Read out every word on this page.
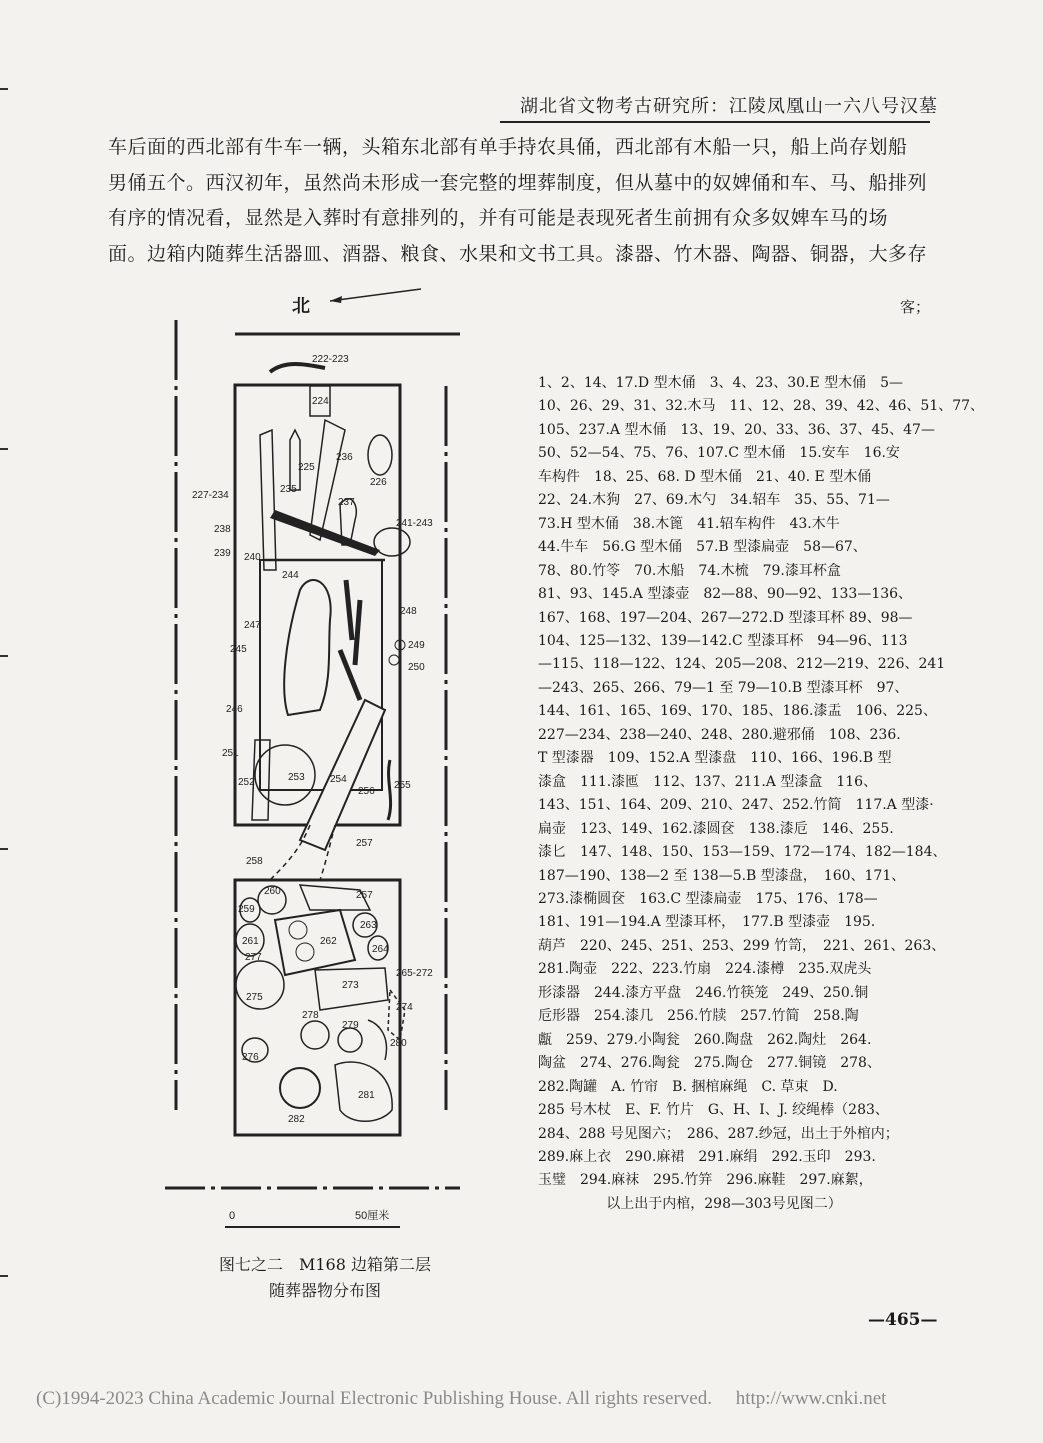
湖北省文物考古研究所：江陵凤凰山一六八号汉墓
车后面的西北部有牛车一辆，头箱东北部有单手持农具俑，西北部有木船一只，船上尚存划船
男俑五个。西汉初年，虽然尚未形成一套完整的埋葬制度，但从墓中的奴婢俑和车、马、船排列
有序的情况看，显然是入葬时有意排列的，并有可能是表现死者生前拥有众多奴婢车马的场
面。边箱内随葬生活器皿、酒器、粮食、水果和文书工具。漆器、竹木器、陶器、铜器，大多存
客；
北
222-223
224
225
226
227-234
235
236
237
238
239 240
241-243
244
245
246
247
248
249
250
251
252	253	254
255
256
257
257
258
259
260
261	262
263
264
265-272
273
274
275
276
277
278
279
280
281
282
0	50厘米
图七之二　M168 边箱第二层
随葬器物分布图
1、2、14、17.D 型木俑　3、4、23、30.E 型木俑　5—
10、26、29、31、32.木马　11、12、28、39、42、46、51、77、
105、237.A 型木俑　13、19、20、33、36、37、45、47—
50、52—54、75、76、107.C 型木俑　15.安车　16.安
车构件　18、25、68. D 型木俑　21、40. E 型木俑
22、24.木狗　27、69.木勺　34.轺车　35、55、71—
73.H 型木俑　38.木篦　41.轺车构件　43.木牛
44.牛车　56.G 型木俑　57.B 型漆扁壶　58—67、
78、80.竹笭　70.木船　74.木梳　79.漆耳杯盒
81、93、145.A 型漆壶　82—88、90—92、133—136、
167、168、197—204、267—272.D 型漆耳杯 89、98—
104、125—132、139—142.C 型漆耳杯　94—96、113
—115、118—122、124、205—208、212—219、226、241
—243、265、266、79—1 至 79—10.B 型漆耳杯　97、
144、161、165、169、170、185、186.漆盂　106、225、
227—234、238—240、248、280.避邪俑　108、236.
T 型漆器　109、152.A 型漆盘　110、166、196.B 型
漆盒　111.漆匜　112、137、211.A 型漆盒　116、
143、151、164、209、210、247、252.竹简　117.A 型漆·
扁壶　123、149、162.漆圆奁　138.漆卮　146、255.
漆匕　147、148、150、153—159、172—174、182—184、
187—190、138—2 至 138—5.B 型漆盘，　160、171、
273.漆椭圆奁　163.C 型漆扁壶　175、176、178—
181、191—194.A 型漆耳杯，　177.B 型漆壶　195.
葫芦　220、245、251、253、299 竹笥，　221、261、263、
281.陶壶　222、223.竹扇　224.漆樽　235.双虎头
形漆器　244.漆方平盘　246.竹筷笼　249、250.铜
卮形器　254.漆几　256.竹牍　257.竹简　258.陶
甗　259、279.小陶瓮　260.陶盘　262.陶灶　264.
陶盆　274、276.陶瓮　275.陶仓　277.铜镜　278、
282.陶罐　A. 竹帘　B. 捆棺麻绳　C. 草束　D.
285 号木杖　E、F. 竹片　G、H、I、J. 绞绳棒（283、
284、288 号见图六；　286、287.纱冠，出土于外棺内；
289.麻上衣　290.麻裙　291.麻绢　292.玉印　293.
玉璧　294.麻袜　295.竹笄　296.麻鞋　297.麻絮，
以上出于内棺，298—303号见图二）
—465—
(C)1994-2023 China Academic Journal Electronic Publishing House. All rights reserved.　 http://www.cnki.net
